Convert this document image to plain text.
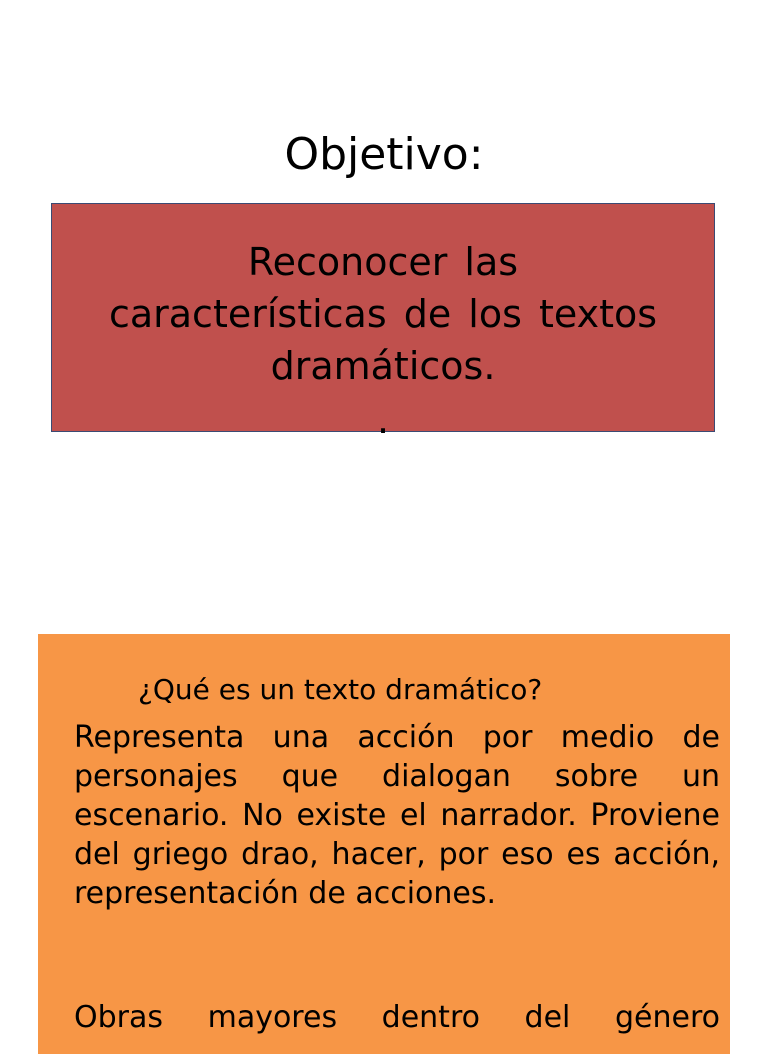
Objetivo:
Reconocer las
características de los textos
dramáticos.
.
¿Qué es un texto dramático?

Representa una acción por medio de personajes que dialogan sobre un escenario. No existe el narrador. Proviene del griego drao, hacer, por eso es acción, representación de acciones.

Obras mayores dentro del género
